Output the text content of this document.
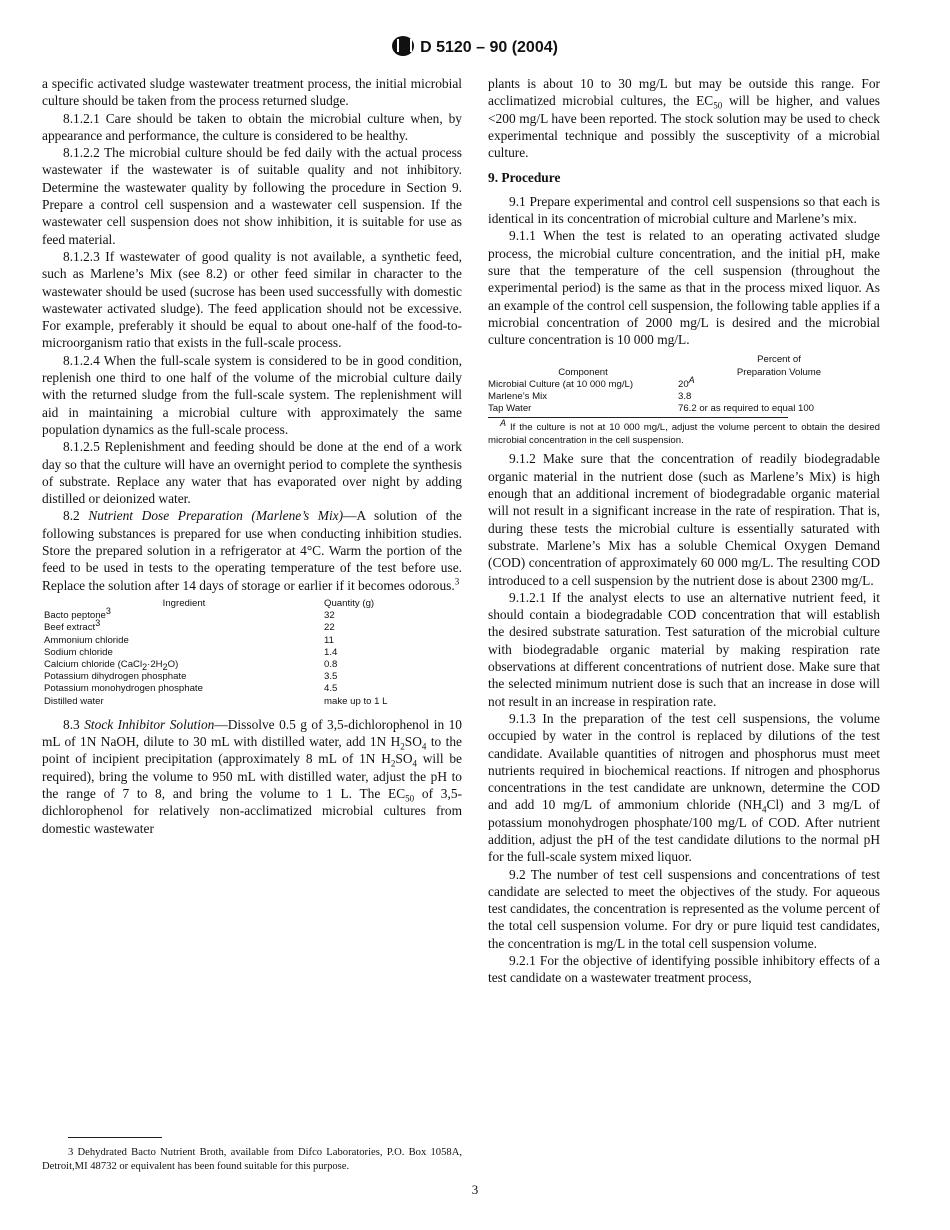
D 5120 – 90 (2004)

a specific activated sludge wastewater treatment process, the initial microbial culture should be taken from the process returned sludge.

8.1.2.1 Care should be taken to obtain the microbial culture when, by appearance and performance, the culture is considered to be healthy.

8.1.2.2 The microbial culture should be fed daily with the actual process wastewater if the wastewater is of suitable quality and not inhibitory. Determine the wastewater quality by following the procedure in Section 9. Prepare a control cell suspension and a wastewater cell suspension. If the wastewater cell suspension does not show inhibition, it is suitable for use as feed material.

8.1.2.3 If wastewater of good quality is not available, a synthetic feed, such as Marlene’s Mix (see 8.2) or other feed similar in character to the wastewater should be used (sucrose has been used successfully with domestic wastewater activated sludge). The feed application should not be excessive. For example, preferably it should be equal to about one-half of the food-to-microorganism ratio that exists in the full-scale process.

8.1.2.4 When the full-scale system is considered to be in good condition, replenish one third to one half of the volume of the microbial culture daily with the returned sludge from the full-scale system. The replenishment will aid in maintaining a microbial culture with approximately the same population dynamics as the full-scale process.

8.1.2.5 Replenishment and feeding should be done at the end of a work day so that the culture will have an overnight period to complete the synthesis of substrate. Replace any water that has evaporated over night by adding distilled or deionized water.

8.2 Nutrient Dose Preparation (Marlene’s Mix)—A solution of the following substances is prepared for use when conducting inhibition studies. Store the prepared solution in a refrigerator at 4°C. Warm the portion of the feed to be used in tests to the operating temperature of the test before use. Replace the solution after 14 days of storage or earlier if it becomes odorous.$^3$

Ingredient	Quantity (g)
Bacto peptone$^3$	32
Beef extract$^3$	22
Ammonium chloride	11
Sodium chloride	1.4
Calcium chloride $(CaCl_2\cdot 2H_2O)$	0.8
Potassium dihydrogen phosphate	3.5
Potassium monohydrogen phosphate	4.5
Distilled water	make up to 1 L

8.3 Stock Inhibitor Solution—Dissolve 0.5 g of 3,5-dichlorophenol in 10 mL of 1N NaOH, dilute to 30 mL with distilled water, add 1N $H_2SO_4$ to the point of incipient precipitation (approximately 8 mL of 1N $H_2SO_4$ will be required), bring the volume to 950 mL with distilled water, adjust the pH to the range of 7 to 8, and bring the volume to 1 L. The $EC_{50}$ of 3,5-dichlorophenol for relatively non-acclimatized microbial cultures from domestic wastewater

3 Dehydrated Bacto Nutrient Broth, available from Difco Laboratories, P.O. Box 1058A, Detroit,MI 48732 or equivalent has been found suitable for this purpose.

plants is about 10 to 30 mg/L but may be outside this range. For acclimatized microbial cultures, the $EC_{50}$ will be higher, and values <200 mg/L have been reported. The stock solution may be used to check experimental technique and possibly the susceptivity of a microbial culture.

9. Procedure

9.1 Prepare experimental and control cell suspensions so that each is identical in its concentration of microbial culture and Marlene’s mix.

9.1.1 When the test is related to an operating activated sludge process, the microbial culture concentration, and the initial pH, make sure that the temperature of the cell suspension (throughout the experimental period) is the same as that in the process mixed liquor. As an example of the control cell suspension, the following table applies if a microbial concentration of 2000 mg/L is desired and the microbial culture concentration is 10 000 mg/L.

	Percent of
Component	Preparation Volume
Microbial Culture (at 10 000 mg/L)	$20^A$
Marlene’s Mix	3.8
Tap Water	76.2 or as required to equal 100
$^A$ If the culture is not at 10 000 mg/L, adjust the volume percent to obtain the desired microbial concentration in the cell suspension.

9.1.2 Make sure that the concentration of readily biodegradable organic material in the nutrient dose (such as Marlene’s Mix) is high enough that an additional increment of biodegradable organic material will not result in a significant increase in the rate of respiration. That is, during these tests the microbial culture is essentially saturated with substrate. Marlene’s Mix has a soluble Chemical Oxygen Demand (COD) concentration of approximately 60 000 mg/L. The resulting COD introduced to a cell suspension by the nutrient dose is about 2300 mg/L.

9.1.2.1 If the analyst elects to use an alternative nutrient feed, it should contain a biodegradable COD concentration that will establish the desired substrate saturation. Test saturation of the microbial culture with biodegradable organic material by making respiration rate observations at different concentrations of nutrient dose. Make sure that the selected minimum nutrient dose is such that an increase in dose will not result in an increase in respiration rate.

9.1.3 In the preparation of the test cell suspensions, the volume occupied by water in the control is replaced by dilutions of the test candidate. Available quantities of nitrogen and phosphorus must meet nutrients required in biochemical reactions. If nitrogen and phosphorus concentrations in the test candidate are unknown, determine the COD and add 10 mg/L of ammonium chloride $(NH_4Cl)$ and 3 mg/L of potassium monohydrogen phosphate/100 mg/L of COD. After nutrient addition, adjust the pH of the test candidate dilutions to the normal pH for the full-scale system mixed liquor.

9.2 The number of test cell suspensions and concentrations of test candidate are selected to meet the objectives of the study. For aqueous test candidates, the concentration is represented as the volume percent of the total cell suspension volume. For dry or pure liquid test candidates, the concentration is mg/L in the total cell suspension volume.

9.2.1 For the objective of identifying possible inhibitory effects of a test candidate on a wastewater treatment process,

3
